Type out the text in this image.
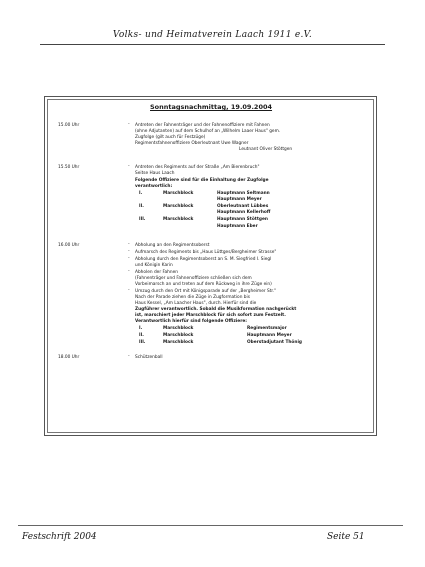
Volks- und Heimatverein Laach 1911 e.V.
Sonntagsnachmittag, 19.09.2004
15.00 Uhr	- Antreten der Fahnenträger und der Fahnenoffiziere mit Fahnen
(ohne Adjutanten) auf dem Schulhof an „Wilhelm Laaer Haus" gem.
Zugfolge (gilt auch für Festzüge)
Regimentsfahnenoffiziere Oberleutnant Uwe Wagner
Leutnant Oliver Stöttgen
15.50 Uhr	- Antreten des Regiments auf der Straße „Am Bierenbruch"
Seitse Haus Laach
Folgende Offiziere sind für die Einhaltung der Zugfolge
verantwortlich:
I.	Marschblock	Hauptmann Seltmann
Hauptmann Meyer
II.	Marschblock	Oberleutnant Lübbes
Hauptmann Kellerhoff
III.	Marschblock	Hauptmann Stöttgen
Hauptmann Eber
16.00 Uhr	- Abholung an den Regimentsoberst
- Aufmarsch des Regiments bis „Haus Lüttges/Bergheimer Strasse"
- Abholung durch den Regimentsoberst an S. M. Siegfried I. Siegl
und Königin Karin
- Abholen der Fahnen
(Fahnenträger und Fahnenoffiziere schließen sich dem
Vorbeimarsch an und treten auf dem Rückweg in ihre Züge ein)
- Umzug durch den Ort mit Königsparade auf der „Bergheimer Str."
Nach der Parade ziehen die Züge in Zugformation bis
Haus Kessel, „Am Laacher Haus", durch. Hierfür sind die
Zugführer verantwortlich. Sobald die Musikformation nachgerückt
ist, marschiert jeder Marschblock für sich sofort zum Festzelt.
Verantwortlich hierfür sind folgende Offiziere:
I.	Marschblock	Regimentsmajor
II.	Marschblock	Hauptmann Meyer
III.	Marschblock	Oberstadjutant Thönig
18.00 Uhr	- Schützenball
Festschrift 2004	Seite 51
